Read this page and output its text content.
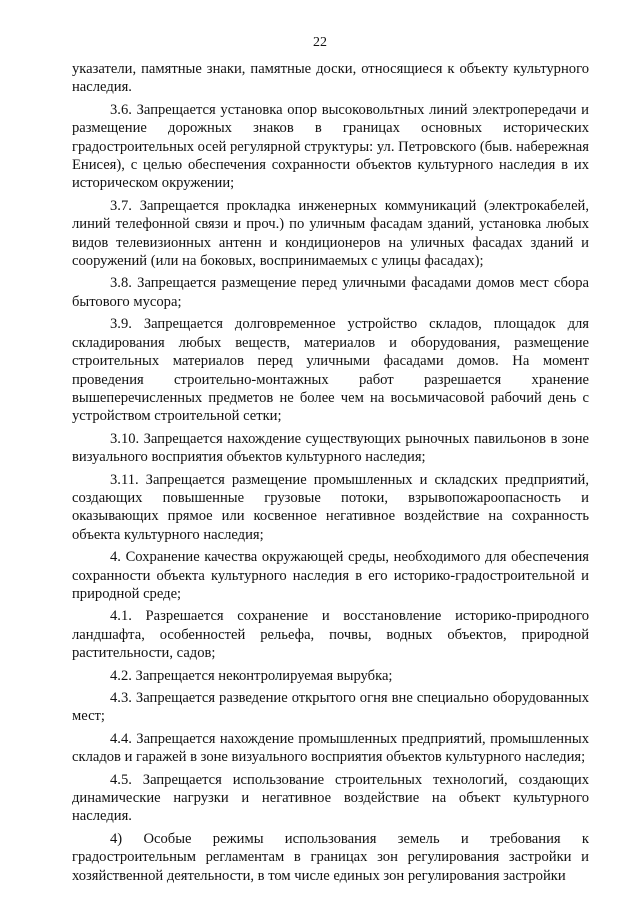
22

указатели, памятные знаки, памятные доски, относящиеся к объекту культурного наследия.

3.6. Запрещается установка опор высоковольтных линий электропередачи и размещение дорожных знаков в границах основных исторических градостроительных осей регулярной структуры: ул. Петровского (быв. набережная Енисея), с целью обеспечения сохранности объектов культурного наследия в их историческом окружении;

3.7. Запрещается прокладка инженерных коммуникаций (электрокабелей, линий телефонной связи и проч.) по уличным фасадам зданий, установка любых видов телевизионных антенн и кондиционеров на уличных фасадах зданий и сооружений (или на боковых, воспринимаемых с улицы фасадах);

3.8. Запрещается размещение перед уличными фасадами домов мест сбора бытового мусора;

3.9. Запрещается долговременное устройство складов, площадок для складирования любых веществ, материалов и оборудования, размещение строительных материалов перед уличными фасадами домов. На момент проведения строительно-монтажных работ разрешается хранение вышеперечисленных предметов не более чем на восьмичасовой рабочий день с устройством строительной сетки;

3.10. Запрещается нахождение существующих рыночных павильонов в зоне визуального восприятия объектов культурного наследия;

3.11. Запрещается размещение промышленных и складских предприятий, создающих повышенные грузовые потоки, взрывопожароопасность и оказывающих прямое или косвенное негативное воздействие на сохранность объекта культурного наследия;

4. Сохранение качества окружающей среды, необходимого для обеспечения сохранности объекта культурного наследия в его историко-градостроительной и природной среде;

4.1. Разрешается сохранение и восстановление историко-природного ландшафта, особенностей рельефа, почвы, водных объектов, природной растительности, садов;

4.2. Запрещается неконтролируемая вырубка;

4.3. Запрещается разведение открытого огня вне специально оборудованных мест;

4.4. Запрещается нахождение промышленных предприятий, промышленных складов и гаражей в зоне визуального восприятия объектов культурного наследия;

4.5. Запрещается использование строительных технологий, создающих динамические нагрузки и негативное воздействие на объект культурного наследия.

4) Особые режимы использования земель и требования к градостроительным регламентам в границах зон регулирования застройки и хозяйственной деятельности, в том числе единых зон регулирования застройки
